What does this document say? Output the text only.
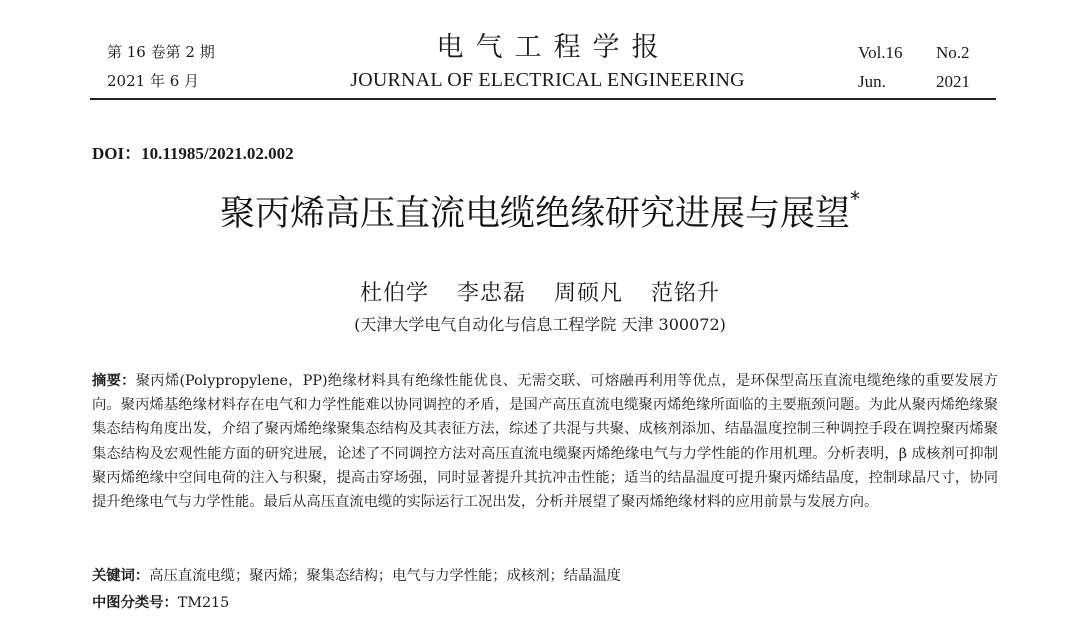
第 16 卷第 2 期
2021 年 6 月
电气工程学报
JOURNAL OF ELECTRICAL ENGINEERING
Vol.16	No.2
Jun.	2021
DOI：10.11985/2021.02.002
聚丙烯高压直流电缆绝缘研究进展与展望*
杜伯学 李忠磊 周硕凡 范铭升
(天津大学电气自动化与信息工程学院 天津 300072)
摘要：聚丙烯(Polypropylene，PP)绝缘材料具有绝缘性能优良、无需交联、可熔融再利用等优点，是环保型高压直流电缆绝缘的重要发展方向。聚丙烯基绝缘材料存在电气和力学性能难以协同调控的矛盾，是国产高压直流电缆聚丙烯绝缘所面临的主要瓶颈问题。为此从聚丙烯绝缘聚集态结构角度出发，介绍了聚丙烯绝缘聚集态结构及其表征方法，综述了共混与共聚、成核剂添加、结晶温度控制三种调控手段在调控聚丙烯聚集态结构及宏观性能方面的研究进展，论述了不同调控方法对高压直流电缆聚丙烯绝缘电气与力学性能的作用机理。分析表明，β 成核剂可抑制聚丙烯绝缘中空间电荷的注入与积聚，提高击穿场强，同时显著提升其抗冲击性能；适当的结晶温度可提升聚丙烯结晶度，控制球晶尺寸，协同提升绝缘电气与力学性能。最后从高压直流电缆的实际运行工况出发，分析并展望了聚丙烯绝缘材料的应用前景与发展方向。
关键词：高压直流电缆；聚丙烯；聚集态结构；电气与力学性能；成核剂；结晶温度
中图分类号：TM215
